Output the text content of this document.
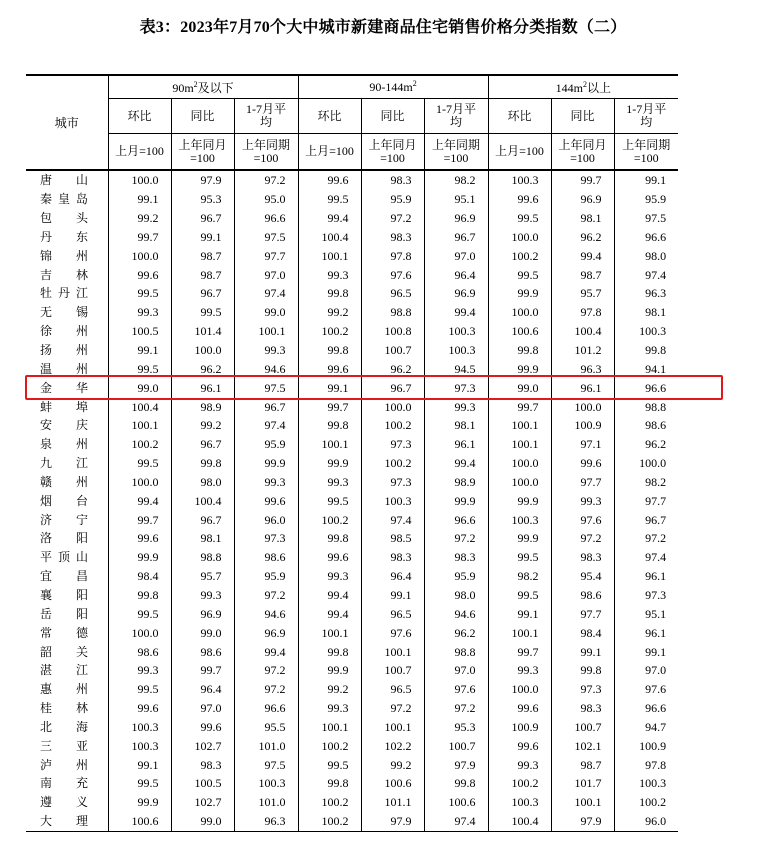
表3：2023年7月70个大中城市新建商品住宅销售价格分类指数（二）
城市	$90m^2$及以下			$90-144m^2$			$144m^2$以上		
	环比	同比	1-7月平均	环比	同比	1-7月平均	环比	同比	1-7月平均
	上月=100	上年同月=100	上年同期=100	上月=100	上年同月=100	上年同期=100	上月=100	上年同月=100	上年同期=100
唐山	100.0	97.9	97.2	99.6	98.3	98.2	100.3	99.7	99.1
秦皇岛	99.1	95.3	95.0	99.5	95.9	95.1	99.6	96.9	95.9
包头	99.2	96.7	96.6	99.4	97.2	96.9	99.5	98.1	97.5
丹东	99.7	99.1	97.5	100.4	98.3	96.7	100.0	96.2	96.6
锦州	100.0	98.7	97.7	100.1	97.8	97.0	100.2	99.4	98.0
吉林	99.6	98.7	97.0	99.3	97.6	96.4	99.5	98.7	97.4
牡丹江	99.5	96.7	97.4	99.8	96.5	96.9	99.9	95.7	96.3
无锡	99.3	99.5	99.0	99.2	98.8	99.4	100.0	97.8	98.1
徐州	100.5	101.4	100.1	100.2	100.8	100.3	100.6	100.4	100.3
扬州	99.1	100.0	99.3	99.8	100.7	100.3	99.8	101.2	99.8
温州	99.5	96.2	94.6	99.6	96.2	94.5	99.9	96.3	94.1
金华	99.0	96.1	97.5	99.1	96.7	97.3	99.0	96.1	96.6
蚌埠	100.4	98.9	96.7	99.7	100.0	99.3	99.7	100.0	98.8
安庆	100.1	99.2	97.4	99.8	100.2	98.1	100.1	100.9	98.6
泉州	100.2	96.7	95.9	100.1	97.3	96.1	100.1	97.1	96.2
九江	99.5	99.8	99.9	99.9	100.2	99.4	100.0	99.6	100.0
赣州	100.0	98.0	99.3	99.3	97.3	98.9	100.0	97.7	98.2
烟台	99.4	100.4	99.6	99.5	100.3	99.9	99.9	99.3	97.7
济宁	99.7	96.7	96.0	100.2	97.4	96.6	100.3	97.6	96.7
洛阳	99.6	98.1	97.3	99.8	98.5	97.2	99.9	97.2	97.2
平顶山	99.9	98.8	98.6	99.6	98.3	98.3	99.5	98.3	97.4
宜昌	98.4	95.7	95.9	99.3	96.4	95.9	98.2	95.4	96.1
襄阳	99.8	99.3	97.2	99.4	99.1	98.0	99.5	98.6	97.3
岳阳	99.5	96.9	94.6	99.4	96.5	94.6	99.1	97.7	95.1
常德	100.0	99.0	96.9	100.1	97.6	96.2	100.1	98.4	96.1
韶关	98.6	98.6	99.4	99.8	100.1	98.8	99.7	99.1	99.1
湛江	99.3	99.7	97.2	99.9	100.7	97.0	99.3	99.8	97.0
惠州	99.5	96.4	97.2	99.2	96.5	97.6	100.0	97.3	97.6
桂林	99.6	97.0	96.6	99.3	97.2	97.2	99.6	98.3	96.6
北海	100.3	99.6	95.5	100.1	100.1	95.3	100.9	100.7	94.7
三亚	100.3	102.7	101.0	100.2	102.2	100.7	99.6	102.1	100.9
泸州	99.1	98.3	97.5	99.5	99.2	97.9	99.3	98.7	97.8
南充	99.5	100.5	100.3	99.8	100.6	99.8	100.2	101.7	100.3
遵义	99.9	102.7	101.0	100.2	101.1	100.6	100.3	100.1	100.2
大理	100.6	99.0	96.3	100.2	97.9	97.4	100.4	97.9	96.0
